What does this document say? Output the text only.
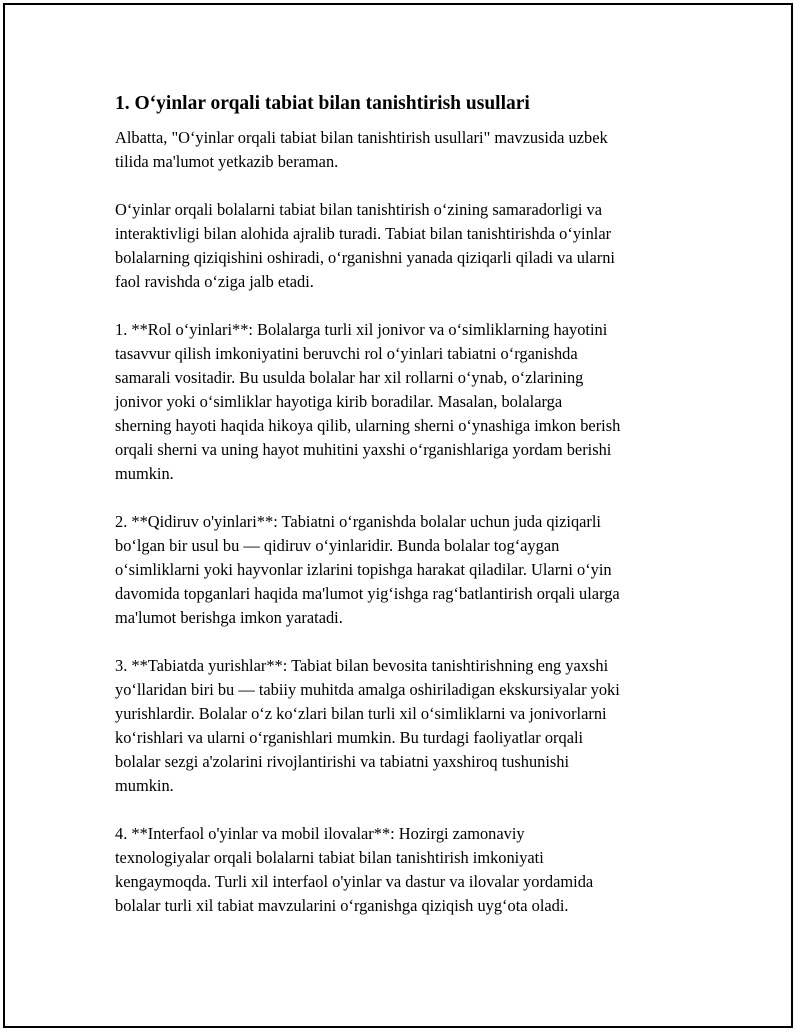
1. O‘yinlar orqali tabiat bilan tanishtirish usullari

Albatta, "O‘yinlar orqali tabiat bilan tanishtirish usullari" mavzusida uzbek
tilida ma'lumot yetkazib beraman.

O‘yinlar orqali bolalarni tabiat bilan tanishtirish o‘zining samaradorligi va
interaktivligi bilan alohida ajralib turadi. Tabiat bilan tanishtirishda o‘yinlar
bolalarning qiziqishini oshiradi, o‘rganishni yanada qiziqarli qiladi va ularni
faol ravishda o‘ziga jalb etadi.

1. **Rol o‘yinlari**: Bolalarga turli xil jonivor va o‘simliklarning hayotini
tasavvur qilish imkoniyatini beruvchi rol o‘yinlari tabiatni o‘rganishda
samarali vositadir. Bu usulda bolalar har xil rollarni o‘ynab, o‘zlarining
jonivor yoki o‘simliklar hayotiga kirib boradilar. Masalan, bolalarga
sherning hayoti haqida hikoya qilib, ularning sherni o‘ynashiga imkon berish
orqali sherni va uning hayot muhitini yaxshi o‘rganishlariga yordam berishi
mumkin.

2. **Qidiruv o'yinlari**: Tabiatni o‘rganishda bolalar uchun juda qiziqarli
bo‘lgan bir usul bu — qidiruv o‘yinlaridir. Bunda bolalar tog‘aygan
o‘simliklarni yoki hayvonlar izlarini topishga harakat qiladilar. Ularni o‘yin
davomida topganlari haqida ma'lumot yig‘ishga rag‘batlantirish orqali ularga
ma'lumot berishga imkon yaratadi.

3. **Tabiatda yurishlar**: Tabiat bilan bevosita tanishtirishning eng yaxshi
yo‘llaridan biri bu — tabiiy muhitda amalga oshiriladigan ekskursiyalar yoki
yurishlardir. Bolalar o‘z ko‘zlari bilan turli xil o‘simliklarni va jonivorlarni
ko‘rishlari va ularni o‘rganishlari mumkin. Bu turdagi faoliyatlar orqali
bolalar sezgi a'zolarini rivojlantirishi va tabiatni yaxshiroq tushunishi
mumkin.

4. **Interfaol o'yinlar va mobil ilovalar**: Hozirgi zamonaviy
texnologiyalar orqali bolalarni tabiat bilan tanishtirish imkoniyati
kengaymoqda. Turli xil interfaol o'yinlar va dastur va ilovalar yordamida
bolalar turli xil tabiat mavzularini o‘rganishga qiziqish uyg‘ota oladi.
